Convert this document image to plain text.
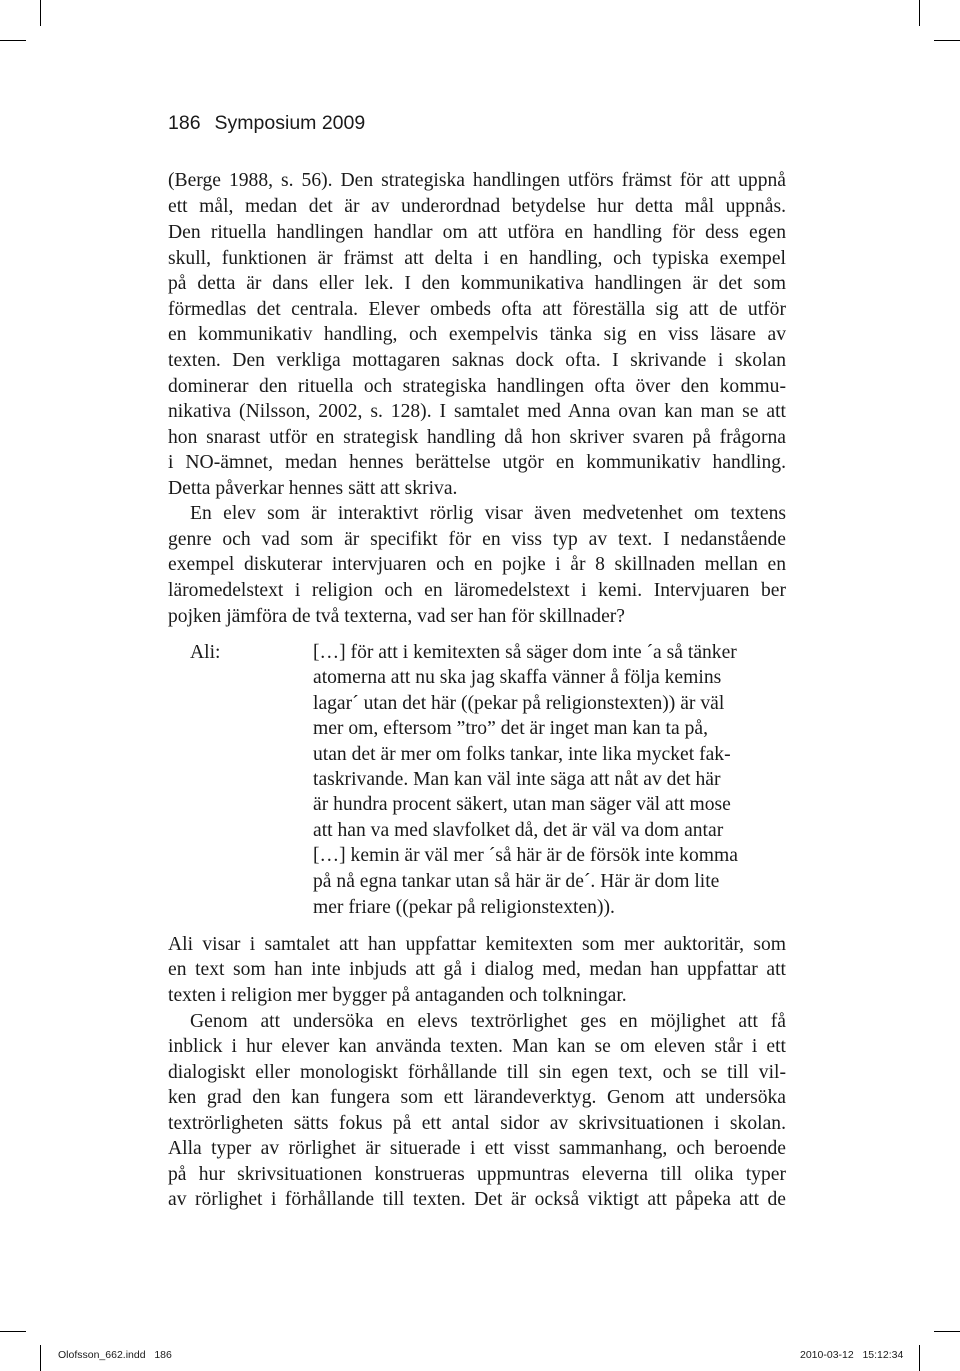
186 Symposium 2009
(Berge 1988, s. 56). Den strategiska handlingen utförs främst för att uppnå
ett mål, medan det är av underordnad betydelse hur detta mål uppnås.
Den rituella handlingen handlar om att utföra en handling för dess egen
skull, funktionen är främst att delta i en handling, och typiska exempel
på detta är dans eller lek. I den kommunikativa handlingen är det som
förmedlas det centrala. Elever ombeds ofta att föreställa sig att de utför
en kommunikativ handling, och exempelvis tänka sig en viss läsare av
texten. Den verkliga mottagaren saknas dock ofta. I skrivande i skolan
dominerar den rituella och strategiska handlingen ofta över den kommu-
nikativa (Nilsson, 2002, s. 128). I samtalet med Anna ovan kan man se att
hon snarast utför en strategisk handling då hon skriver svaren på frågorna
i NO-ämnet, medan hennes berättelse utgör en kommunikativ handling.
Detta påverkar hennes sätt att skriva.
En elev som är interaktivt rörlig visar även medvetenhet om textens
genre och vad som är specifikt för en viss typ av text. I nedanstående
exempel diskuterar intervjuaren och en pojke i år 8 skillnaden mellan en
läromedelstext i religion och en läromedelstext i kemi. Intervjuaren ber
pojken jämföra de två texterna, vad ser han för skillnader?
Ali:	[…] för att i kemitexten så säger dom inte ´a så tänker
atomerna att nu ska jag skaffa vänner å följa kemins
lagar´ utan det här ((pekar på religionstexten)) är väl
mer om, eftersom ”tro” det är inget man kan ta på,
utan det är mer om folks tankar, inte lika mycket fak-
taskrivande. Man kan väl inte säga att nåt av det här
är hundra procent säkert, utan man säger väl att mose
att han va med slavfolket då, det är väl va dom antar
[…] kemin är väl mer ´så här är de försök inte komma
på nå egna tankar utan så här är de´. Här är dom lite
mer friare ((pekar på religionstexten)).
Ali visar i samtalet att han uppfattar kemitexten som mer auktoritär, som
en text som han inte inbjuds att gå i dialog med, medan han uppfattar att
texten i religion mer bygger på antaganden och tolkningar.
Genom att undersöka en elevs textrörlighet ges en möjlighet att få
inblick i hur elever kan använda texten. Man kan se om eleven står i ett
dialogiskt eller monologiskt förhållande till sin egen text, och se till vil-
ken grad den kan fungera som ett lärandeverktyg. Genom att undersöka
textrörligheten sätts fokus på ett antal sidor av skrivsituationen i skolan.
Alla typer av rörlighet är situerade i ett visst sammanhang, och beroende
på hur skrivsituationen konstrueras uppmuntras eleverna till olika typer
av rörlighet i förhållande till texten. Det är också viktigt att påpeka att de
Olofsson_662.indd   186	2010-03-12   15:12:34
